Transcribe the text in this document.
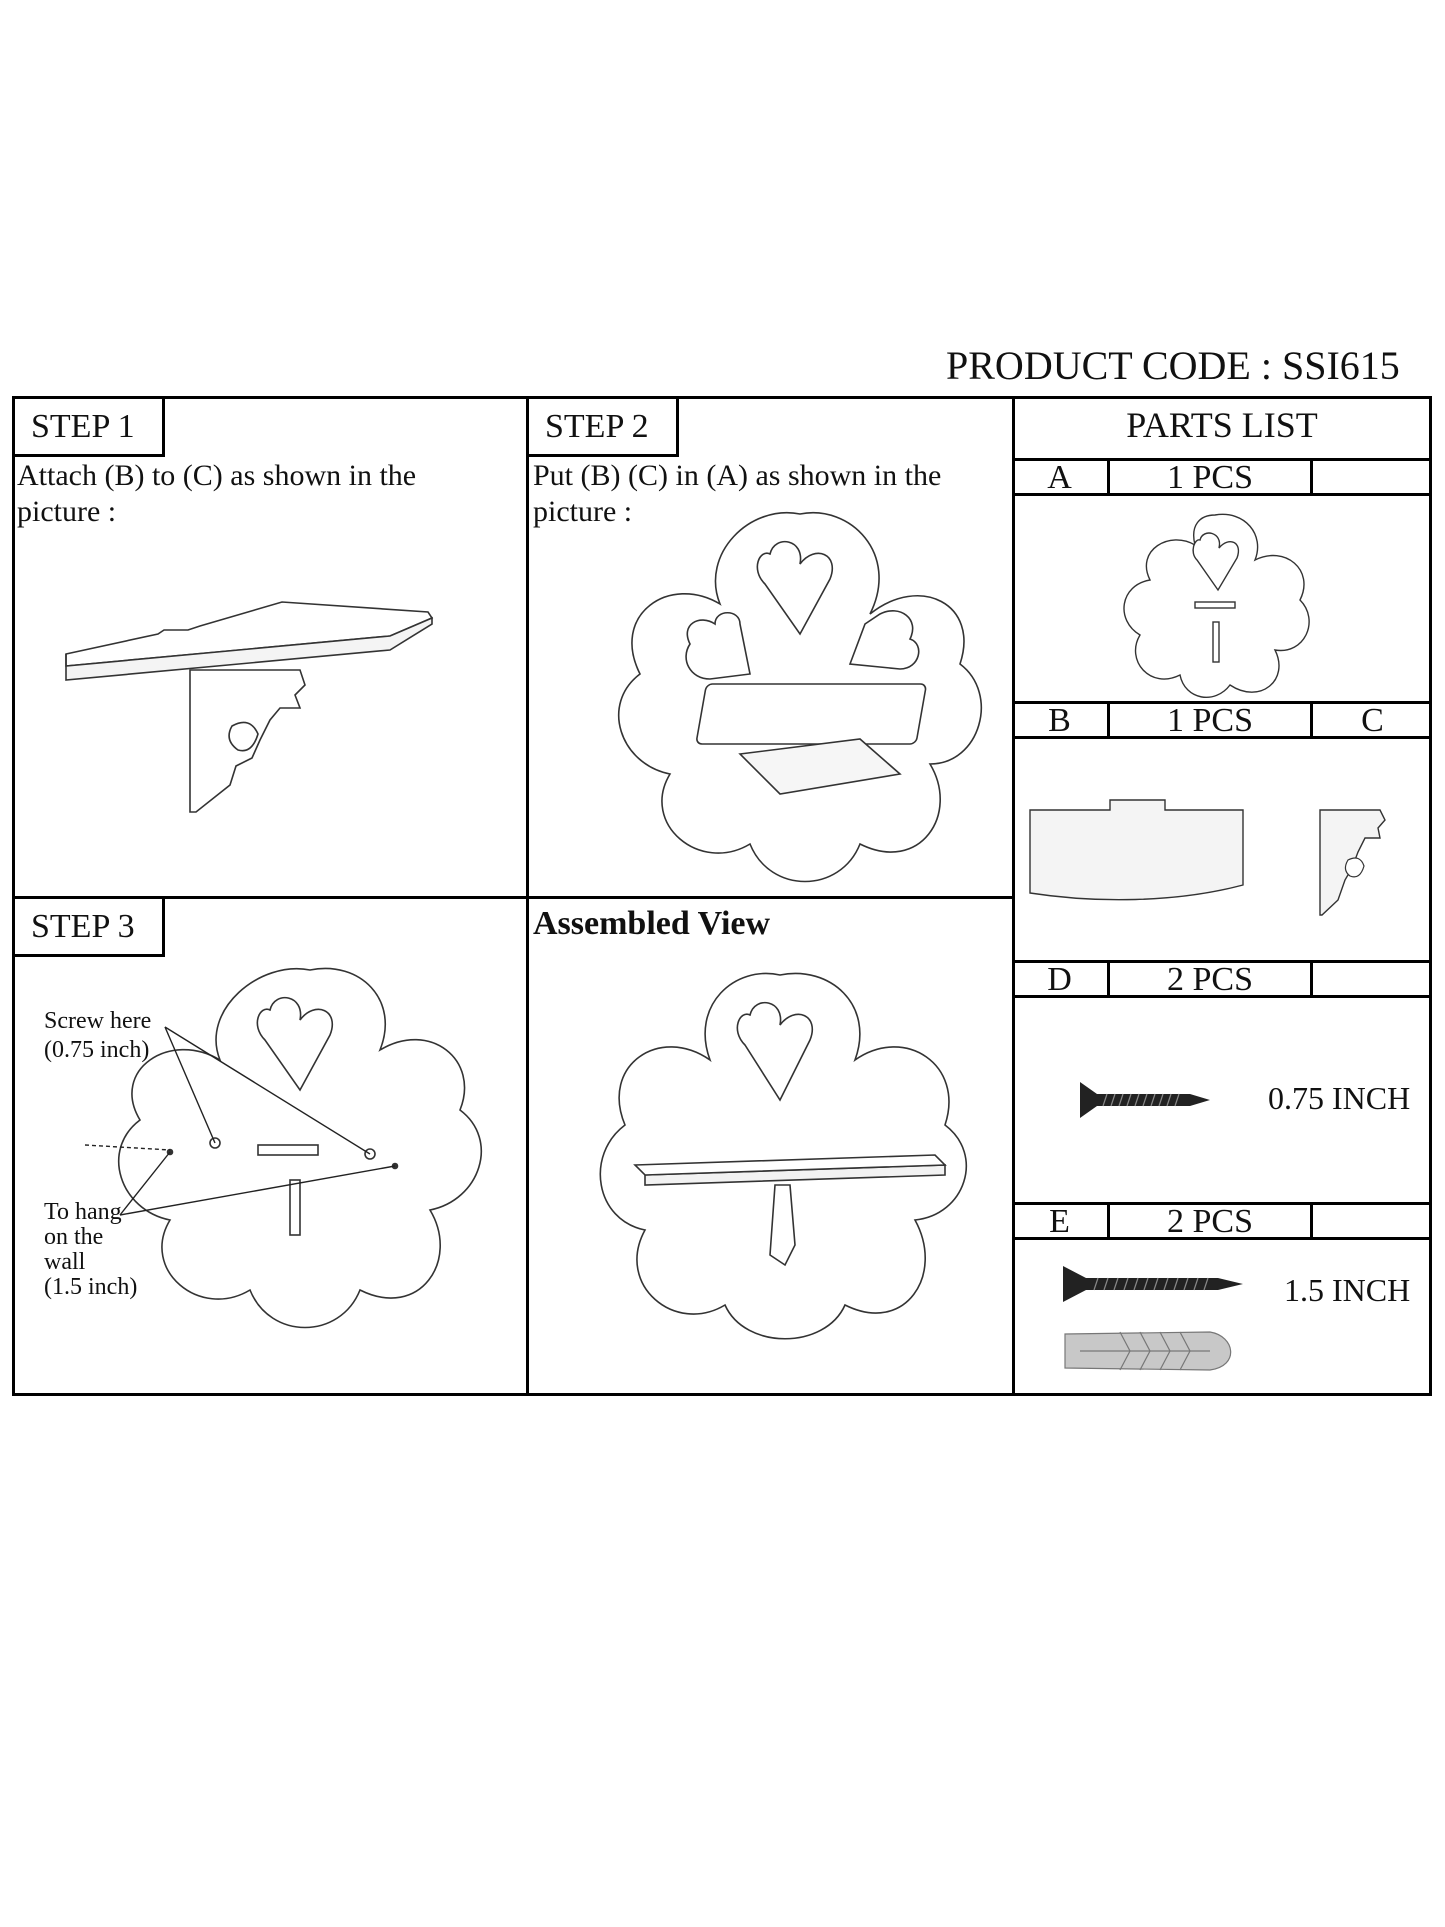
PRODUCT CODE : SSI615
STEP 1
Attach (B) to (C) as shown in the
picture :
STEP 2
Put (B) (C) in (A) as shown in the
picture :
STEP 3
Screw here
(0.75 inch)
To hang
on the
wall
(1.5 inch)
Assembled View
PARTS LIST
A	1 PCS
B	1 PCS	C
D	2 PCS
0.75 INCH
E	2 PCS
1.5 INCH
